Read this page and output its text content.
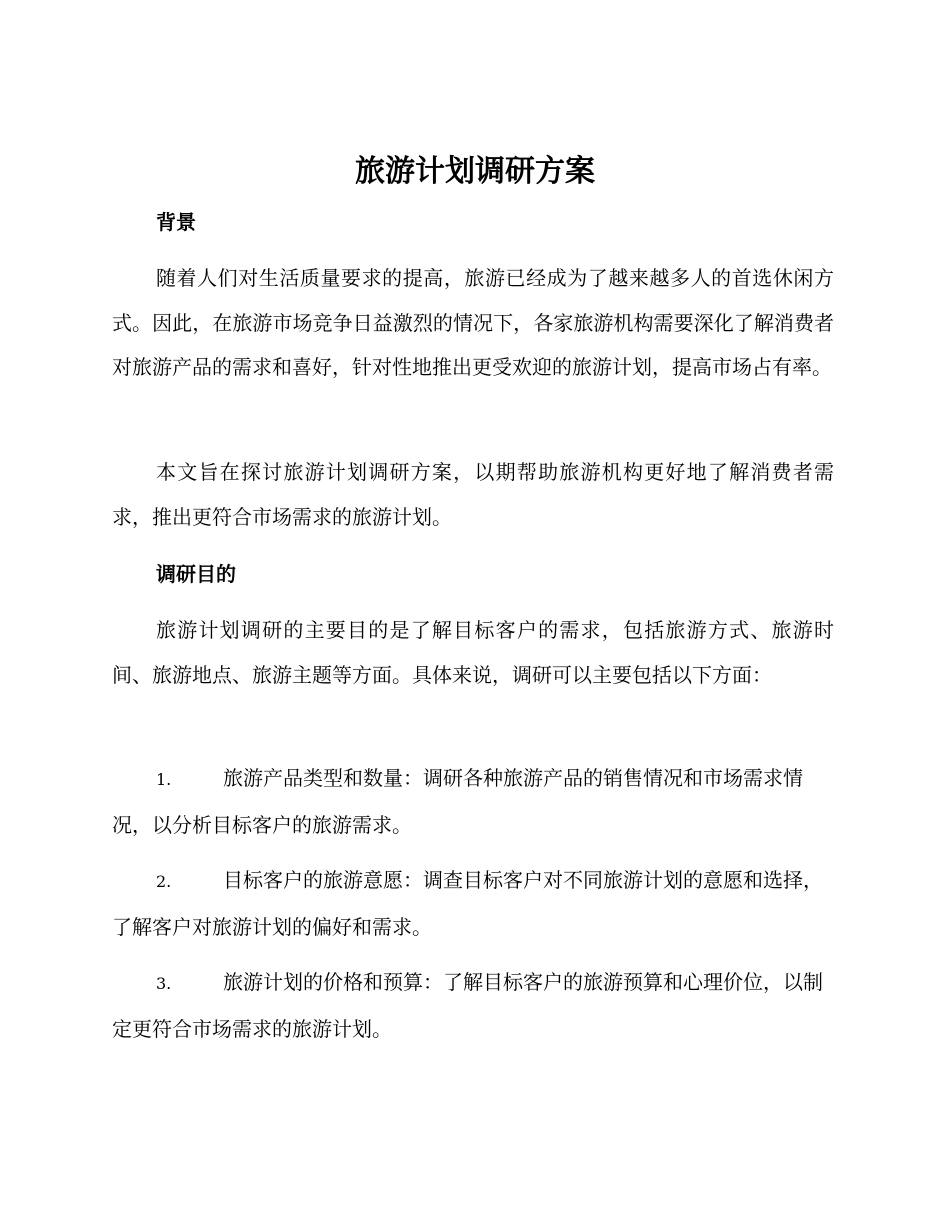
旅游计划调研方案
背景

随着人们对生活质量要求的提高，旅游已经成为了越来越多人的首选休闲方式。因此，在旅游市场竞争日益激烈的情况下，各家旅游机构需要深化了解消费者对旅游产品的需求和喜好，针对性地推出更受欢迎的旅游计划，提高市场占有率。

本文旨在探讨旅游计划调研方案，以期帮助旅游机构更好地了解消费者需求，推出更符合市场需求的旅游计划。

调研目的

旅游计划调研的主要目的是了解目标客户的需求，包括旅游方式、旅游时间、旅游地点、旅游主题等方面。具体来说，调研可以主要包括以下方面：

1.	旅游产品类型和数量：调研各种旅游产品的销售情况和市场需求情况，以分析目标客户的旅游需求。

2.	目标客户的旅游意愿：调查目标客户对不同旅游计划的意愿和选择，了解客户对旅游计划的偏好和需求。

3.	旅游计划的价格和预算：了解目标客户的旅游预算和心理价位，以制定更符合市场需求的旅游计划。
